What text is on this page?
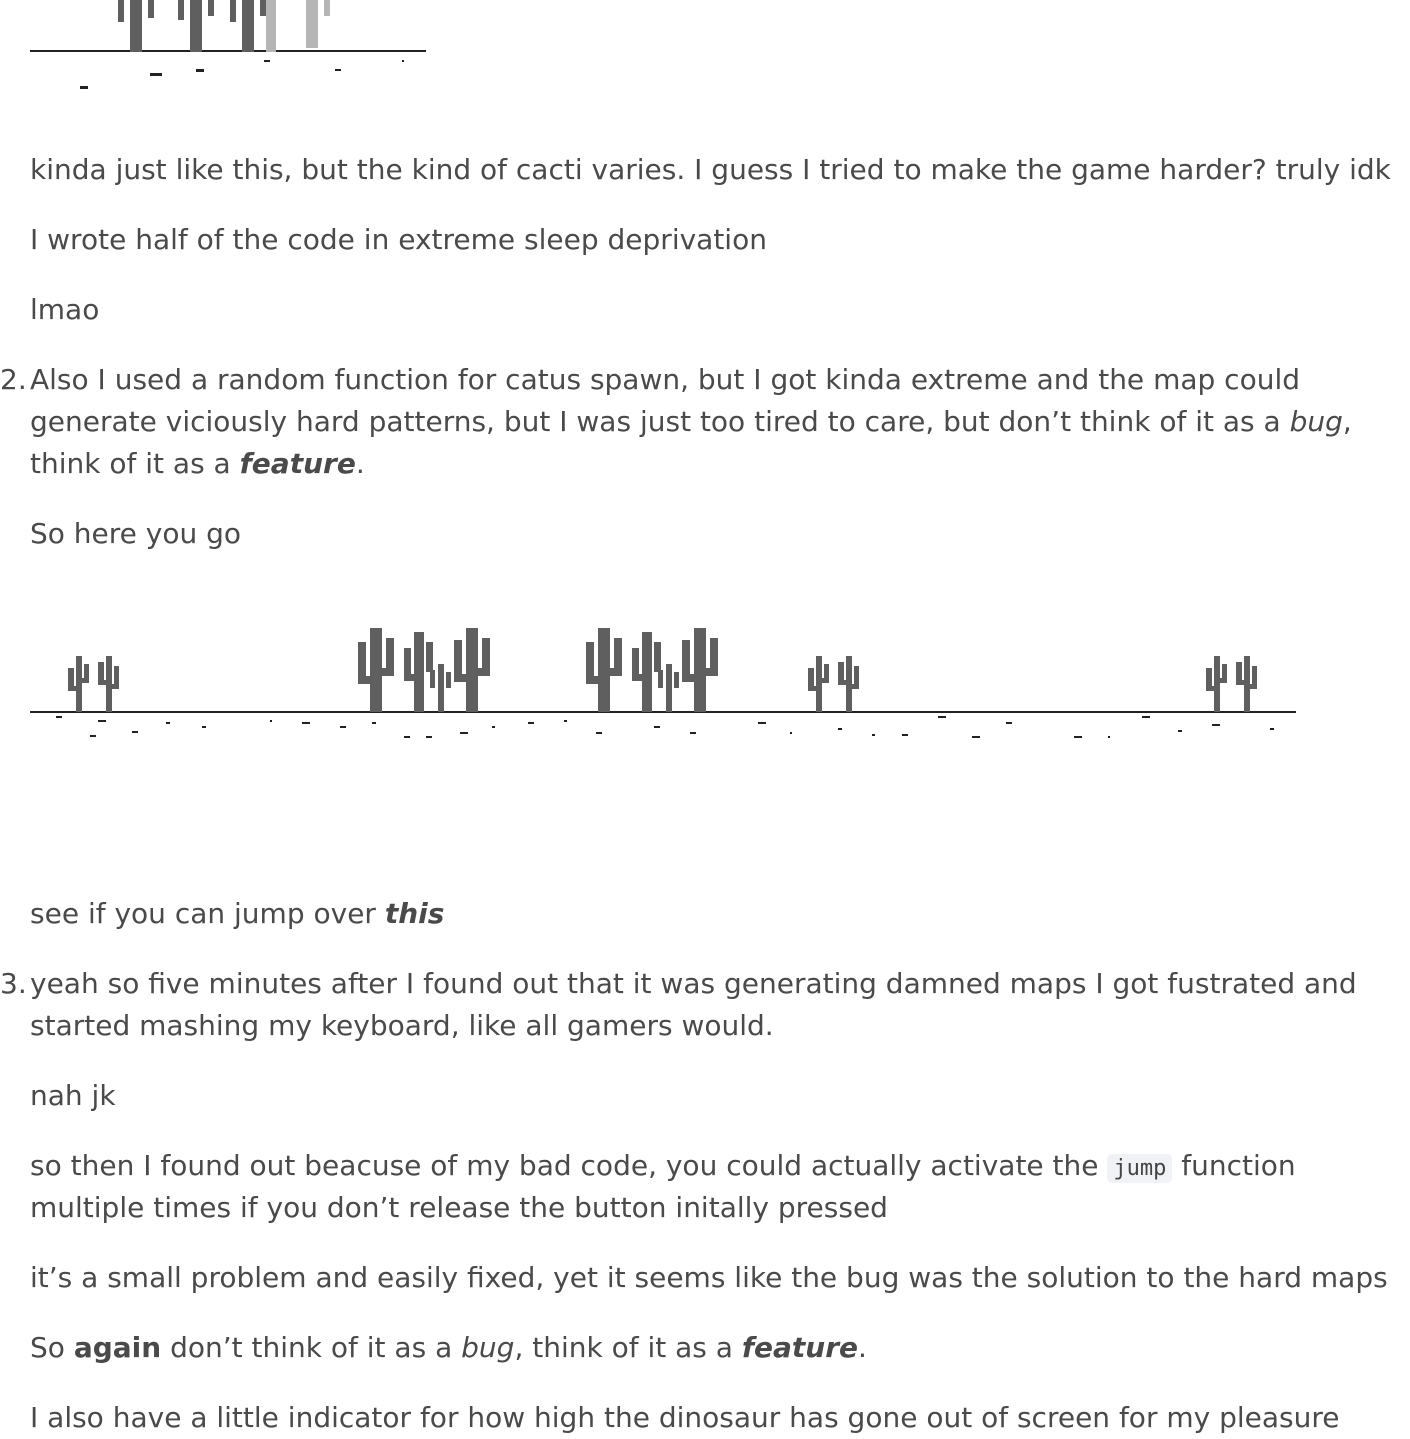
kinda just like this, but the kind of cacti varies. I guess I tried to make the game harder? truly idk

I wrote half of the code in extreme sleep deprivation

lmao

2. Also I used a random function for catus spawn, but I got kinda extreme and the map could

generate viciously hard patterns, but I was just too tired to care, but don’t think of it as a bug,

think of it as a feature.

So here you go

see if you can jump over this

3. yeah so five minutes after I found out that it was generating damned maps I got fustrated and

started mashing my keyboard, like all gamers would.

nah jk

so then I found out beacuse of my bad code, you could actually activate the jump function

multiple times if you don’t release the button initally pressed

it’s a small problem and easily fixed, yet it seems like the bug was the solution to the hard maps

So again don’t think of it as a bug, think of it as a feature.

I also have a little indicator for how high the dinosaur has gone out of screen for my pleasure
